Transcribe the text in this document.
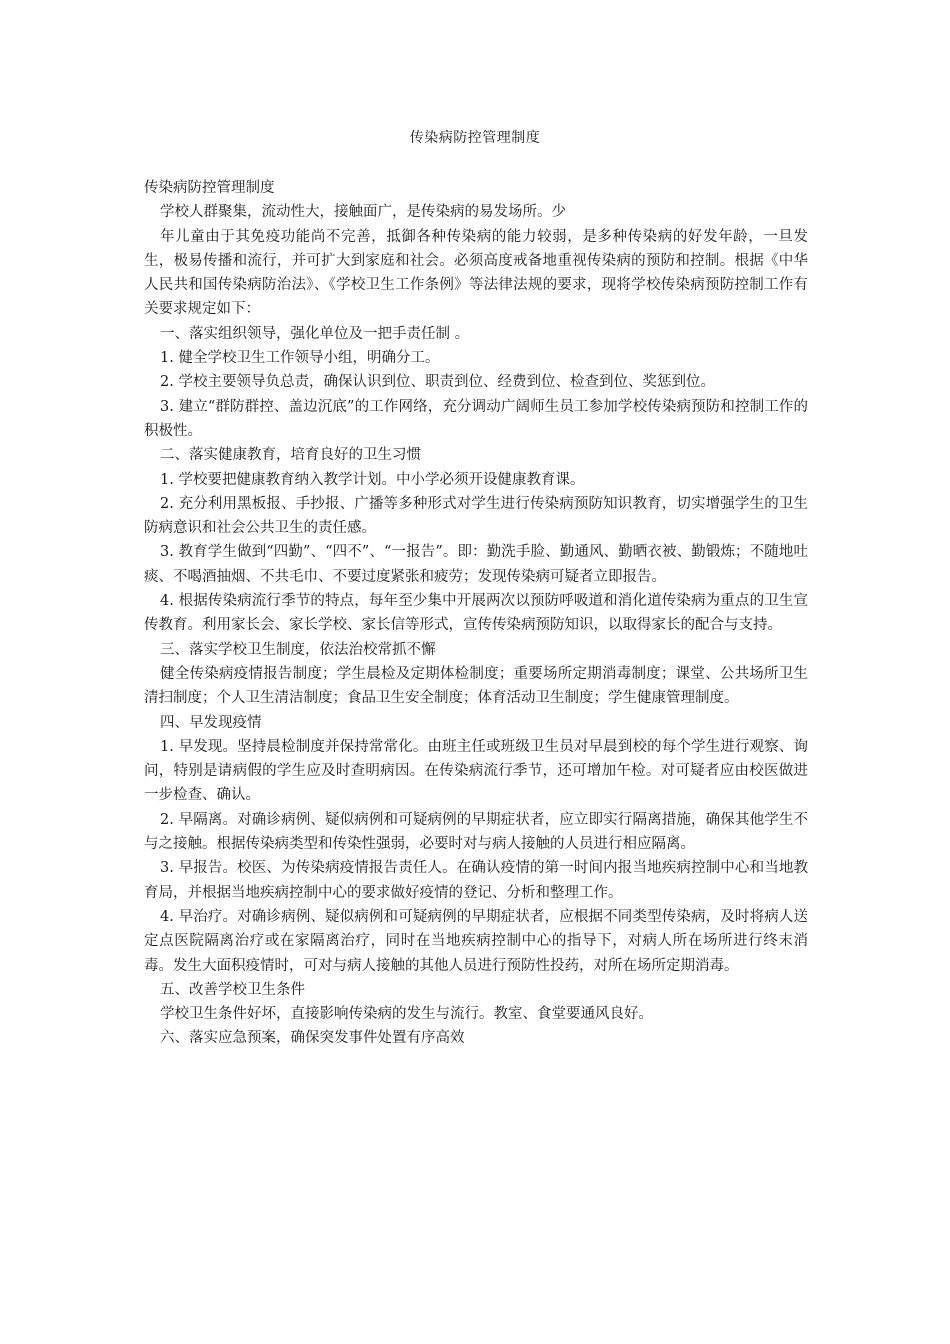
传染病防控管理制度

传染病防控管理制度

学校人群聚集，流动性大，接触面广，是传染病的易发场所。少

年儿童由于其免疫功能尚不完善，抵御各种传染病的能力较弱，是多种传染病的好发年龄，一旦发生，极易传播和流行，并可扩大到家庭和社会。必须高度戒备地重视传染病的预防和控制。根据《中华人民共和国传染病防治法》、《学校卫生工作条例》等法律法规的要求，现将学校传染病预防控制工作有关要求规定如下：

一、落实组织领导，强化单位及一把手责任制 。

1. 健全学校卫生工作领导小组，明确分工。

2. 学校主要领导负总责，确保认识到位、职责到位、经费到位、检查到位、奖惩到位。

3. 建立“群防群控、盖边沉底”的工作网络，充分调动广阔师生员工参加学校传染病预防和控制工作的积极性。

二、落实健康教育，培育良好的卫生习惯

1. 学校要把健康教育纳入教学计划。中小学必须开设健康教育课。

2. 充分利用黑板报、手抄报、广播等多种形式对学生进行传染病预防知识教育，切实增强学生的卫生防病意识和社会公共卫生的责任感。

3. 教育学生做到“四勤”、“四不”、“一报告”。即：勤洗手脸、勤通风、勤晒衣被、勤锻炼；不随地吐痰、不喝酒抽烟、不共毛巾、不要过度紧张和疲劳；发现传染病可疑者立即报告。

4. 根据传染病流行季节的特点，每年至少集中开展两次以预防呼吸道和消化道传染病为重点的卫生宣传教育。利用家长会、家长学校、家长信等形式，宣传传染病预防知识，以取得家长的配合与支持。

三、落实学校卫生制度，依法治校常抓不懈

健全传染病疫情报告制度；学生晨检及定期体检制度；重要场所定期消毒制度；课堂、公共场所卫生清扫制度；个人卫生清洁制度；食品卫生安全制度；体育活动卫生制度；学生健康管理制度。

四、早发现疫情

1. 早发现。坚持晨检制度并保持常常化。由班主任或班级卫生员对早晨到校的每个学生进行观察、询问，特别是请病假的学生应及时查明病因。在传染病流行季节，还可增加午检。对可疑者应由校医做进一步检查、确认。

2. 早隔离。对确诊病例、疑似病例和可疑病例的早期症状者，应立即实行隔离措施，确保其他学生不与之接触。根据传染病类型和传染性强弱，必要时对与病人接触的人员进行相应隔离。

3. 早报告。校医、为传染病疫情报告责任人。在确认疫情的第一时间内报当地疾病控制中心和当地教育局，并根据当地疾病控制中心的要求做好疫情的登记、分析和整理工作。

4. 早治疗。对确诊病例、疑似病例和可疑病例的早期症状者，应根据不同类型传染病，及时将病人送定点医院隔离治疗或在家隔离治疗，同时在当地疾病控制中心的指导下，对病人所在场所进行终末消毒。发生大面积疫情时，可对与病人接触的其他人员进行预防性投药，对所在场所定期消毒。

五、改善学校卫生条件

学校卫生条件好坏，直接影响传染病的发生与流行。教室、食堂要通风良好。

六、落实应急预案，确保突发事件处置有序高效
